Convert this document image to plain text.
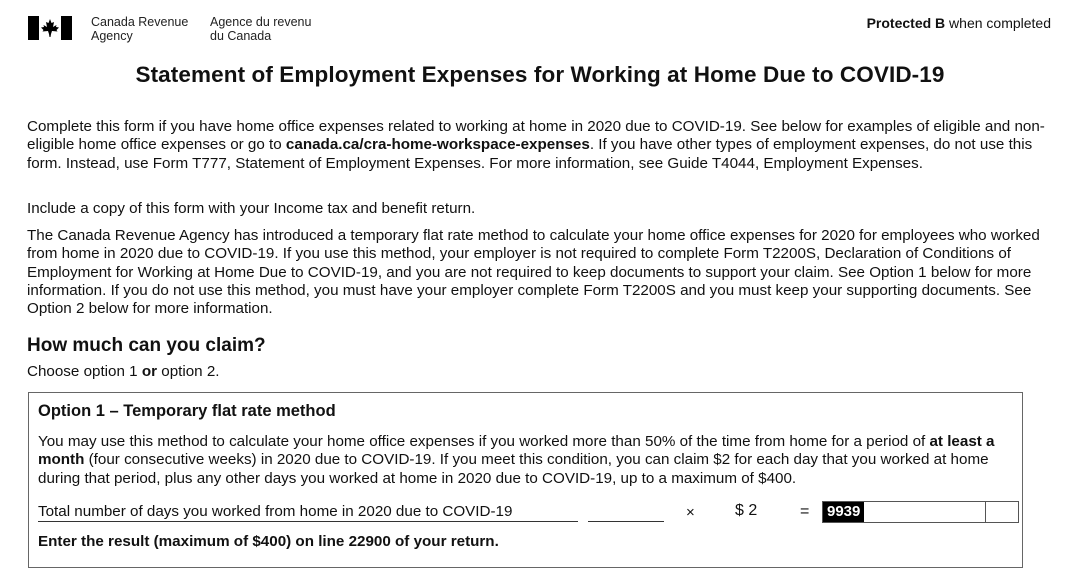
Canada Revenue
Agency
Agence du revenu
du Canada
Protected B when completed
Statement of Employment Expenses for Working at Home Due to COVID-19

Complete this form if you have home office expenses related to working at home in 2020 due to COVID-19. See below for examples of eligible and non-eligible home office expenses or go to canada.ca/cra-home-workspace-expenses. If you have other types of employment expenses, do not use this form. Instead, use Form T777, Statement of Employment Expenses. For more information, see Guide T4044, Employment Expenses.

Include a copy of this form with your Income tax and benefit return.

The Canada Revenue Agency has introduced a temporary flat rate method to calculate your home office expenses for 2020 for employees who worked from home in 2020 due to COVID-19. If you use this method, your employer is not required to complete Form T2200S, Declaration of Conditions of Employment for Working at Home Due to COVID-19, and you are not required to keep documents to support your claim. See Option 1 below for more information. If you do not use this method, you must have your employer complete Form T2200S and you must keep your supporting documents. See Option 2 below for more information.

How much can you claim?
Choose option 1 or option 2.
Option 1 – Temporary flat rate method

You may use this method to calculate your home office expenses if you worked more than 50% of the time from home for a period of at least a month (four consecutive weeks) in 2020 due to COVID-19. If you meet this condition, you can claim $2 for each day that you worked at home during that period, plus any other days you worked at home in 2020 due to COVID-19, up to a maximum of $400.

Total number of days you worked from home in 2020 due to COVID-19	×	$ 2	= 9939
Enter the result (maximum of $400) on line 22900 of your return.
